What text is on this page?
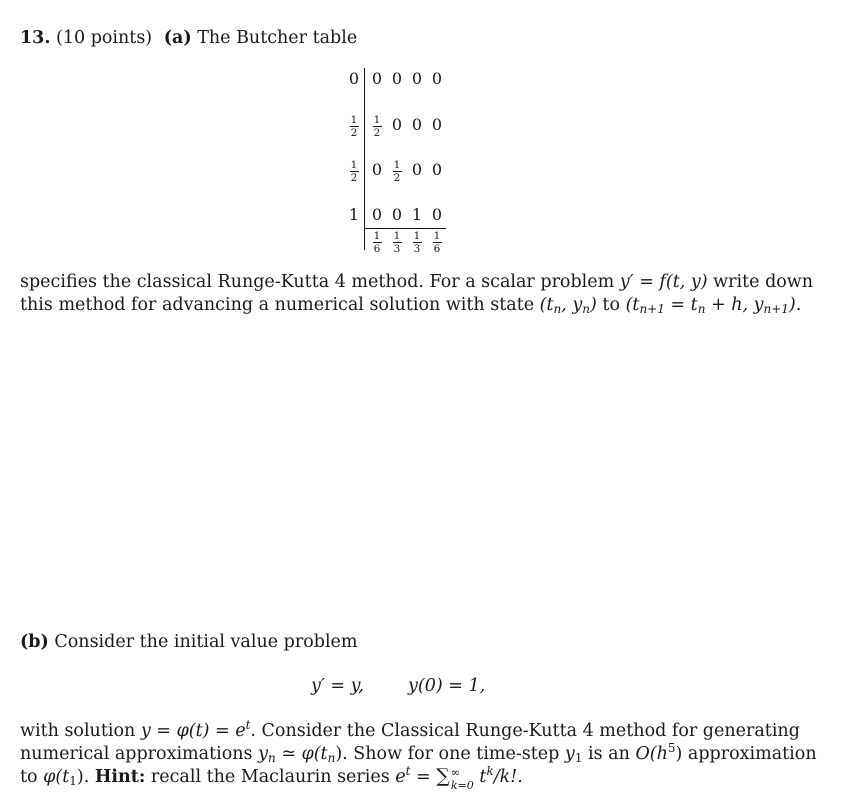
13. (10 points) (a) The Butcher table
0
1
2
1
2
1
0 0 0 0
1
2 0 0 0
0	1
2 0 0
0 0 1 0
1
6
1
3
1
3
1
6
specifies the classical Runge-Kutta 4 method. For a scalar problem y′ = f(t, y) write down
this method for advancing a numerical solution with state ($t_n$, $y_n$) to ($t_{n+1} = t_n + h$, $y_{n+1}$).
(b) Consider the initial value problem
y′ = y,	y(0) = 1,
with solution $y = \varphi(t) = e^t$. Consider the Classical Runge-Kutta 4 method for generating
numerical approximations $y_n$ ≃ $\varphi(t_n)$. Show for one time-step $y_1$ is an $O(h^5)$ approximation
to $\varphi(t_1)$. Hint: recall the Maclaurin series $e^t$ = ∑ ∞
k=0 $t^k/k$!.
